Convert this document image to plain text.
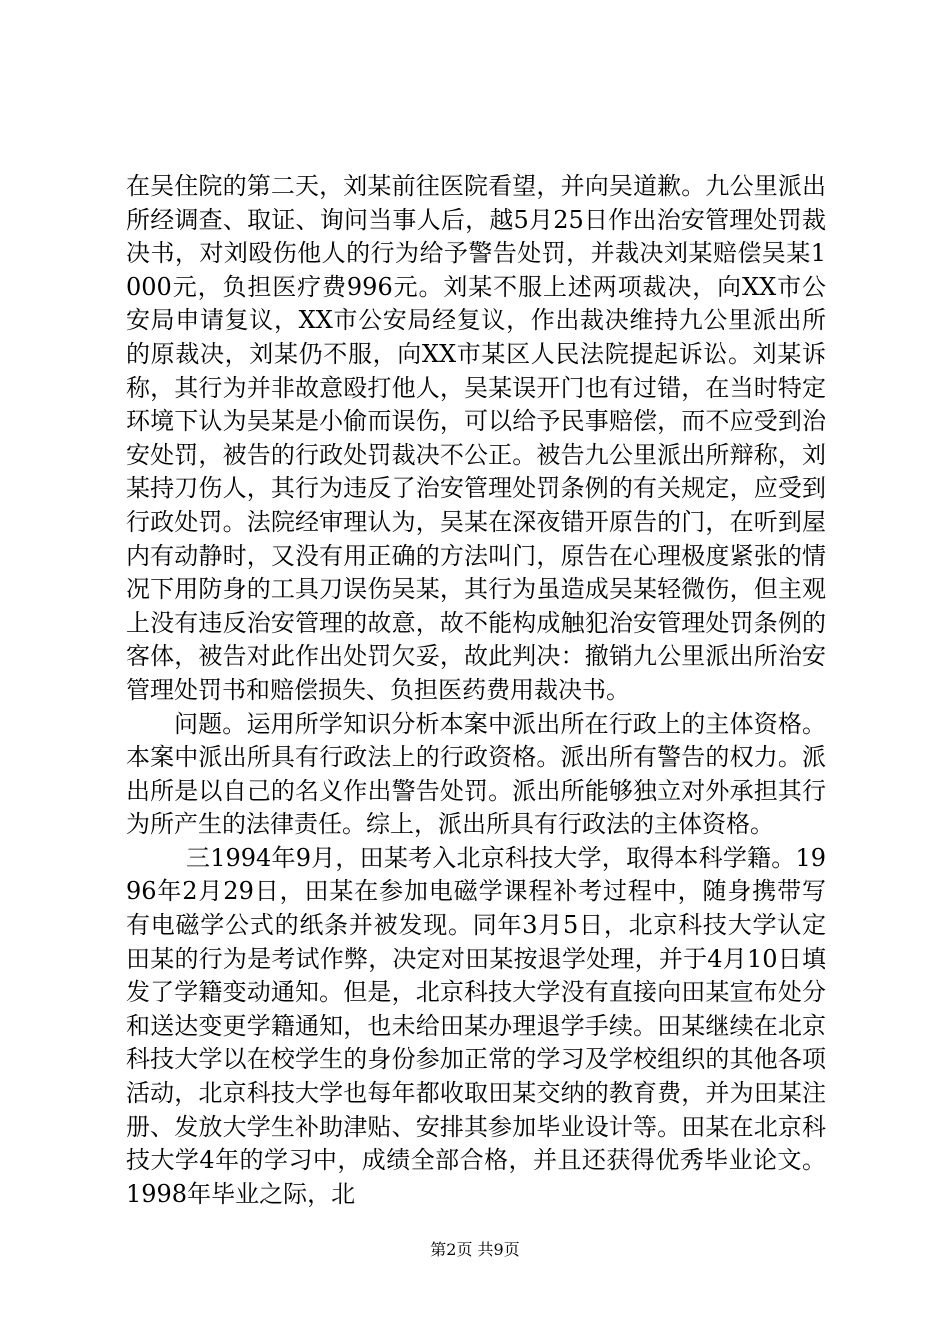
在吴住院的第二天，刘某前往医院看望，并向吴道歉。九公里派出所经调查、取证、询问当事人后，越5月25日作出治安管理处罚裁决书，对刘殴伤他人的行为给予警告处罚，并裁决刘某赔偿吴某1000元，负担医疗费996元。刘某不服上述两项裁决，向XX市公安局申请复议，XX市公安局经复议，作出裁决维持九公里派出所的原裁决，刘某仍不服，向XX市某区人民法院提起诉讼。刘某诉称，其行为并非故意殴打他人，吴某误开门也有过错，在当时特定环境下认为吴某是小偷而误伤，可以给予民事赔偿，而不应受到治安处罚，被告的行政处罚裁决不公正。被告九公里派出所辩称，刘某持刀伤人，其行为违反了治安管理处罚条例的有关规定，应受到行政处罚。法院经审理认为，吴某在深夜错开原告的门，在听到屋内有动静时，又没有用正确的方法叫门，原告在心理极度紧张的情况下用防身的工具刀误伤吴某，其行为虽造成吴某轻微伤，但主观上没有违反治安管理的故意，故不能构成触犯治安管理处罚条例的客体，被告对此作出处罚欠妥，故此判决：撤销九公里派出所治安管理处罚书和赔偿损失、负担医药费用裁决书。

问题。运用所学知识分析本案中派出所在行政上的主体资格。本案中派出所具有行政法上的行政资格。派出所有警告的权力。派出所是以自己的名义作出警告处罚。派出所能够独立对外承担其行为所产生的法律责任。综上，派出所具有行政法的主体资格。

三1994年9月，田某考入北京科技大学，取得本科学籍。1996年2月29日，田某在参加电磁学课程补考过程中，随身携带写有电磁学公式的纸条并被发现。同年3月5日，北京科技大学认定田某的行为是考试作弊，决定对田某按退学处理，并于4月10日填发了学籍变动通知。但是，北京科技大学没有直接向田某宣布处分和送达变更学籍通知，也未给田某办理退学手续。田某继续在北京科技大学以在校学生的身份参加正常的学习及学校组织的其他各项活动，北京科技大学也每年都收取田某交纳的教育费，并为田某注册、发放大学生补助津贴、安排其参加毕业设计等。田某在北京科技大学4年的学习中，成绩全部合格，并且还获得优秀毕业论文。1998年毕业之际，北

第2页 共9页
